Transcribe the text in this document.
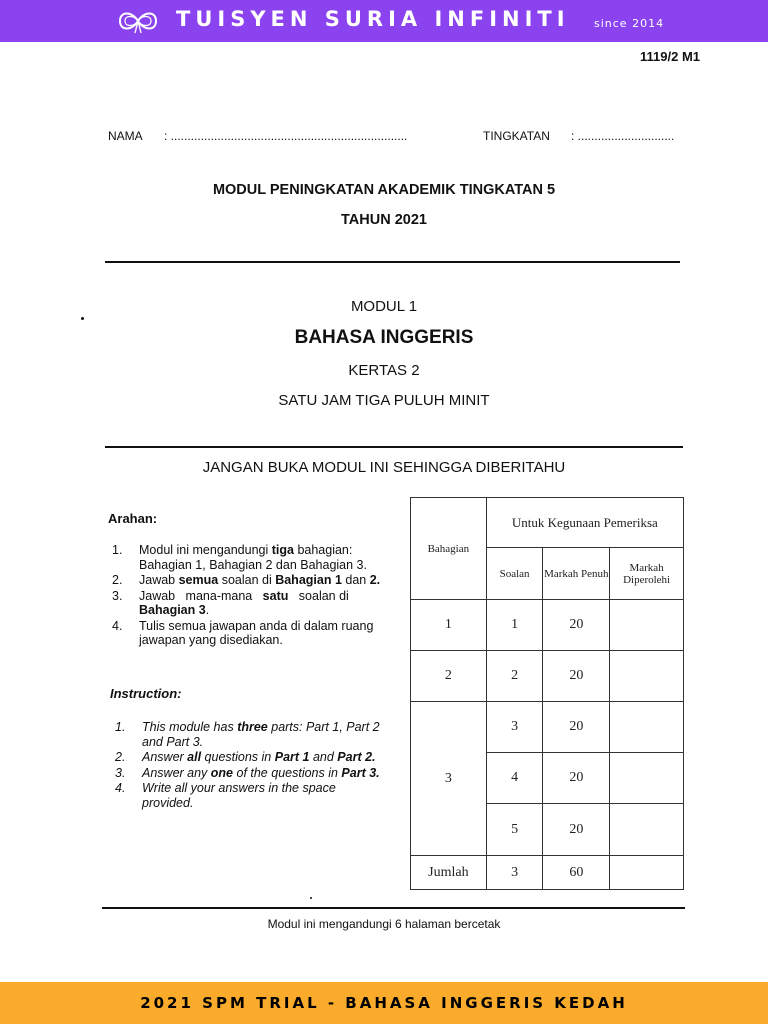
TUISYEN SURIA INFINITI since 2014
1119/2 M1
NAMA : .......................................................................	TINGKATAN : .............................
MODUL PENINGKATAN AKADEMIK TINGKATAN 5
TAHUN 2021
MODUL 1
BAHASA INGGERIS
KERTAS 2
SATU JAM TIGA PULUH MINIT
JANGAN BUKA MODUL INI SEHINGGA DIBERITAHU
Arahan:
1. Modul ini mengandungi tiga bahagian: Bahagian 1, Bahagian 2 dan Bahagian 3.
2. Jawab semua soalan di Bahagian 1 dan 2.
3. Jawab   mana-mana   satu   soalan di Bahagian 3.
4. Tulis semua jawapan anda di dalam ruang jawapan yang disediakan.
Instruction:
1. This module has three parts: Part 1, Part 2 and Part 3.
2. Answer all questions in Part 1 and Part 2.
3. Answer any one of the questions in Part 3.
4. Write all your answers in the space provided.
Bahagian	Untuk Kegunaan Pemeriksa		
	Soalan	Markah Penuh	Markah Diperolehi
1	1	20	
2	2	20	
3	3	20	
	4	20	
	5	20	
Jumlah	3	60	
Modul ini mengandungi 6 halaman bercetak
2021 SPM TRIAL - BAHASA INGGERIS KEDAH
